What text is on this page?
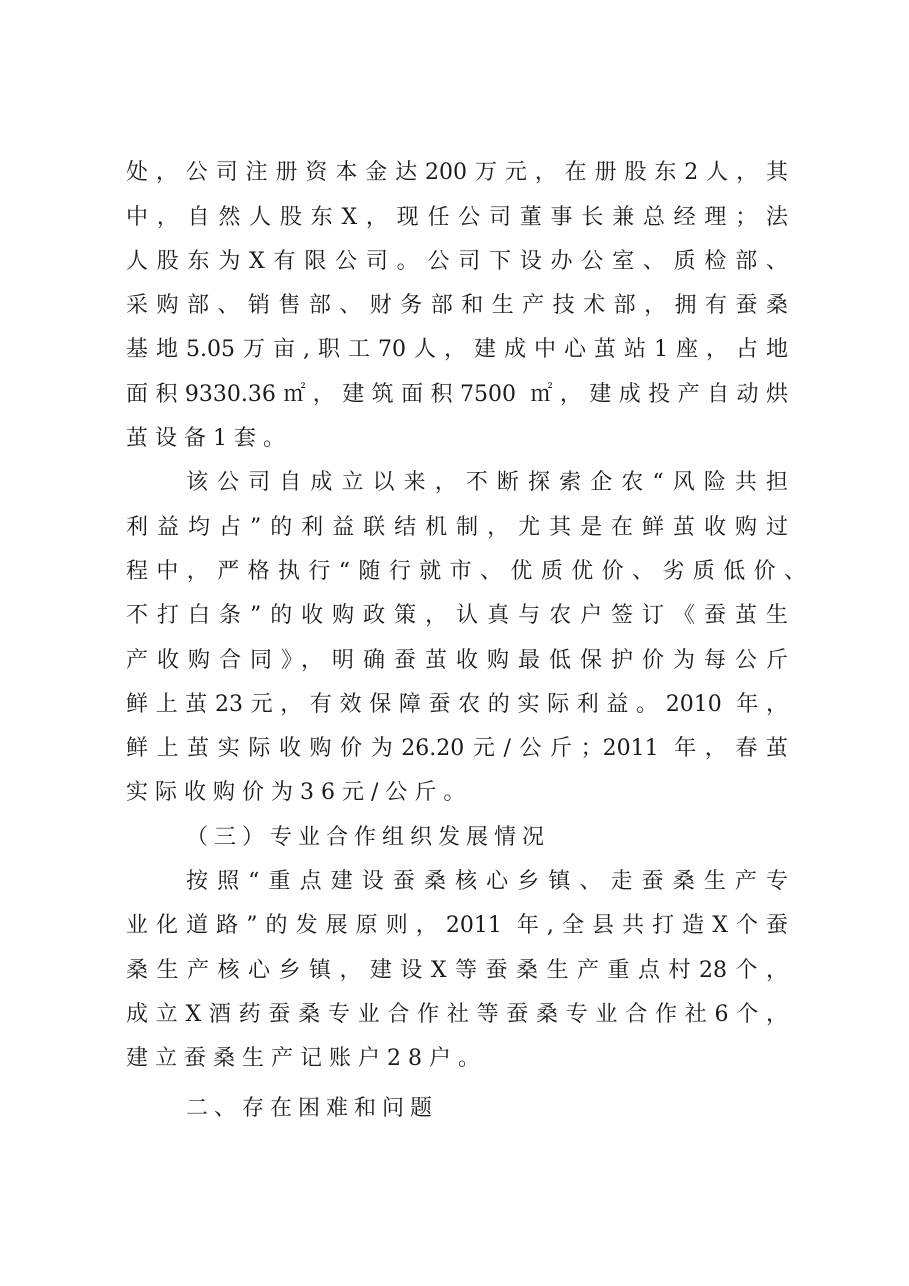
处，公司注册资本金达200万元，在册股东2人，其
中，自然人股东X，现任公司董事长兼总经理；法
人股东为X有限公司。公司下设办公室、质检部、
采购部、销售部、财务部和生产技术部，拥有蚕桑
基地5.05万亩,职工70人，建成中心茧站1座，占地
面积9330.36㎡，建筑面积7500 ㎡，建成投产自动烘
茧设备1套。
该公司自成立以来，不断探索企农“风险共担
利益均占”的利益联结机制，尤其是在鲜茧收购过
程中，严格执行“随行就市、优质优价、劣质低价、
不打白条”的收购政策，认真与农户签订《蚕茧生
产收购合同》，明确蚕茧收购最低保护价为每公斤
鲜上茧23元，有效保障蚕农的实际利益。2010 年，
鲜上茧实际收购价为26.20元/公斤；2011 年，春茧
实际收购价为36元/公斤。
（三）专业合作组织发展情况
按照“重点建设蚕桑核心乡镇、走蚕桑生产专
业化道路”的发展原则，2011 年,全县共打造X个蚕
桑生产核心乡镇，建设X等蚕桑生产重点村28个，
成立X酒药蚕桑专业合作社等蚕桑专业合作社6个，
建立蚕桑生产记账户28户。
二、存在困难和问题
